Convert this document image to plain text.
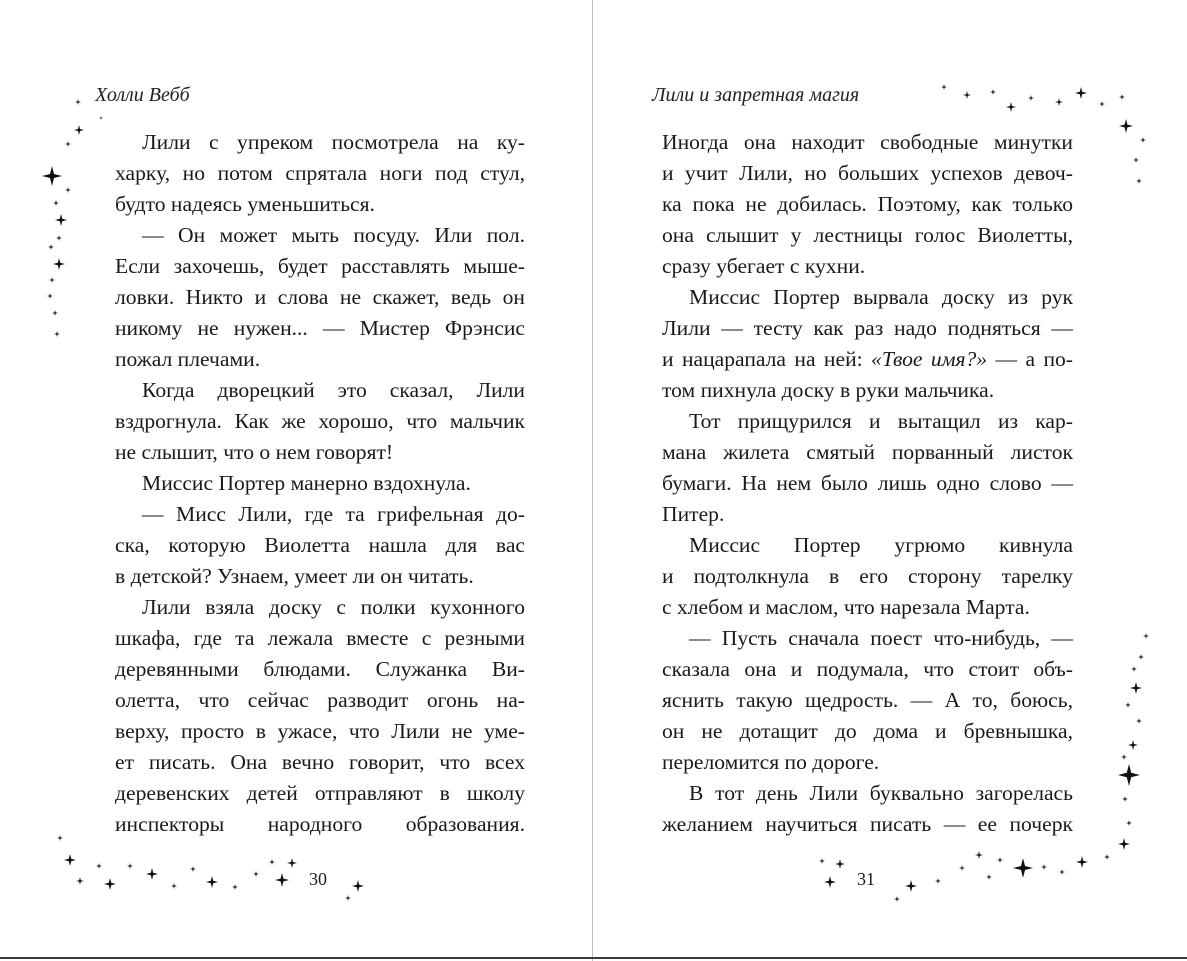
Холли Вебб	Лили и запретная магия
Лили с упреком посмотрела на ку-
харку, но потом спрятала ноги под стул,
будто надеясь уменьшиться.
— Он может мыть посуду. Или пол.
Если захочешь, будет расставлять мыше-
ловки. Никто и слова не скажет, ведь он
никому не нужен... — Мистер Фрэнсис
пожал плечами.
Когда дворецкий это сказал, Лили
вздрогнула. Как же хорошо, что мальчик
не слышит, что о нем говорят!
Миссис Портер манерно вздохнула.
— Мисс Лили, где та грифельная до-
ска, которую Виолетта нашла для вас
в детской? Узнаем, умеет ли он читать.
Лили взяла доску с полки кухонного
шкафа, где та лежала вместе с резными
деревянными блюдами. Служанка Ви-
олетта, что сейчас разводит огонь на-
верху, просто в ужасе, что Лили не уме-
ет писать. Она вечно говорит, что всех
деревенских детей отправляют в школу
инспекторы народного образования.
Иногда она находит свободные минутки
и учит Лили, но больших успехов девоч-
ка пока не добилась. Поэтому, как только
она слышит у лестницы голос Виолетты,
сразу убегает с кухни.
Миссис Портер вырвала доску из рук
Лили — тесту как раз надо подняться —
и нацарапала на ней: «Твое имя?» — а по-
том пихнула доску в руки мальчика.
Тот прищурился и вытащил из кар-
мана жилета смятый порванный листок
бумаги. На нем было лишь одно слово —
Питер.
Миссис Портер угрюмо кивнула
и подтолкнула в его сторону тарелку
с хлебом и маслом, что нарезала Марта.
— Пусть сначала поест что-нибудь, —
сказала она и подумала, что стоит объ-
яснить такую щедрость. — А то, боюсь,
он не дотащит до дома и бревнышка,
переломится по дороге.
В тот день Лили буквально загорелась
желанием научиться писать — ее почерк
30	31
